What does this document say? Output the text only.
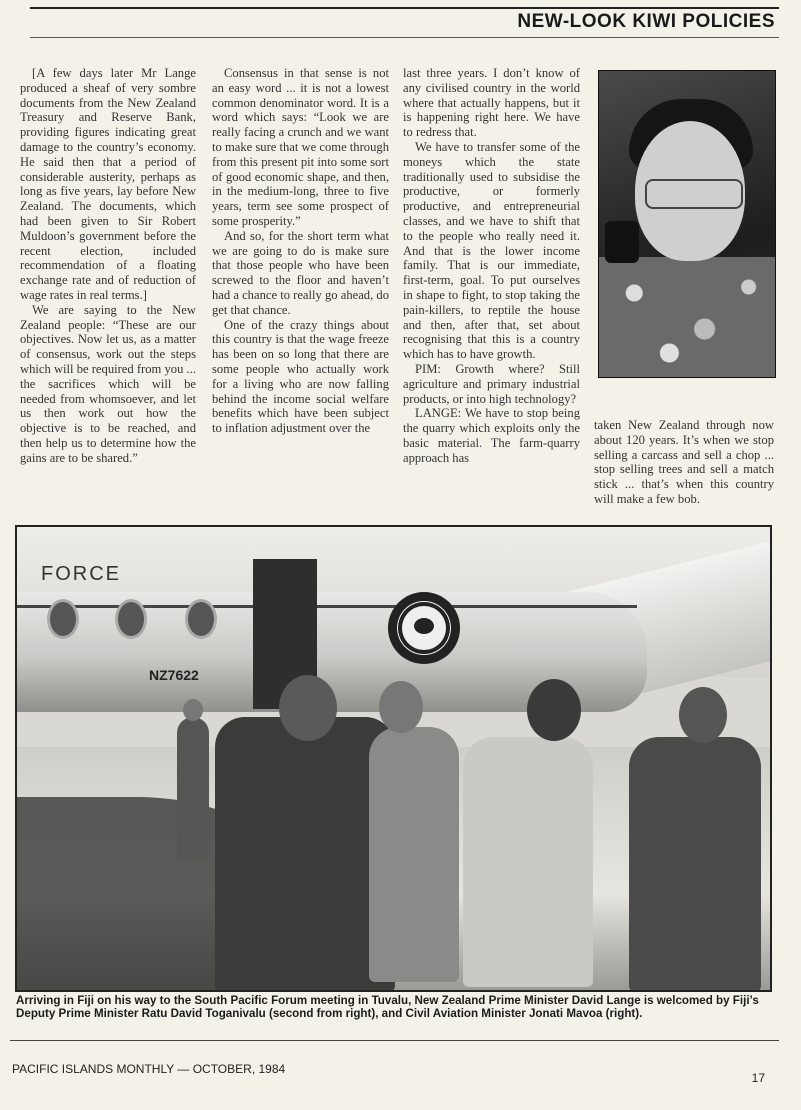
NEW-LOOK KIWI POLICIES

[A few days later Mr Lange produced a sheaf of very sombre documents from the New Zealand Treasury and Reserve Bank, providing figures indicating great damage to the country’s economy. He said then that a period of considerable austerity, perhaps as long as five years, lay before New Zealand. The documents, which had been given to Sir Robert Muldoon’s government before the recent election, included recommendation of a floating exchange rate and of reduction of wage rates in real terms.]

We are saying to the New Zealand people: “These are our objectives. Now let us, as a matter of consensus, work out the steps which will be required from you ... the sacrifices which will be needed from whomsoever, and let us then work out how the objective is to be reached, and then help us to determine how the gains are to be shared.”

Consensus in that sense is not an easy word ... it is not a lowest common denominator word. It is a word which says: “Look we are really facing a crunch and we want to make sure that we come through from this present pit into some sort of good economic shape, and then, in the medium-long, three to five years, term see some prospect of some prosperity.”

And so, for the short term what we are going to do is make sure that those people who have been screwed to the floor and haven’t had a chance to really go ahead, do get that chance.

One of the crazy things about this country is that the wage freeze has been on so long that there are some people who actually work for a living who are now falling behind the income social welfare benefits which have been subject to inflation adjustment over the

last three years. I don’t know of any civilised country in the world where that actually happens, but it is happening right here. We have to redress that.

We have to transfer some of the moneys which the state traditionally used to subsidise the productive, or formerly productive, and entrepreneurial classes, and we have to shift that to the people who really need it. And that is the lower income family. That is our immediate, first-term, goal. To put ourselves in shape to fight, to stop taking the pain-killers, to reptile the house and then, after that, set about recognising that this is a country which has to have growth.

PIM: Growth where? Still agriculture and primary industrial products, or into high technology?

LANGE: We have to stop being the quarry which exploits only the basic material. The farm-quarry approach has

taken New Zealand through now about 120 years. It’s when we stop selling a carcass and sell a chop ... stop selling trees and sell a match stick ... that’s when this country will make a few bob.

FORCE
NZ7622
Arriving in Fiji on his way to the South Pacific Forum meeting in Tuvalu, New Zealand Prime Minister David Lange is welcomed by Fiji’s Deputy Prime Minister Ratu David Toganivalu (second from right), and Civil Aviation Minister Jonati Mavoa (right).
PACIFIC ISLANDS MONTHLY — OCTOBER, 1984
17
